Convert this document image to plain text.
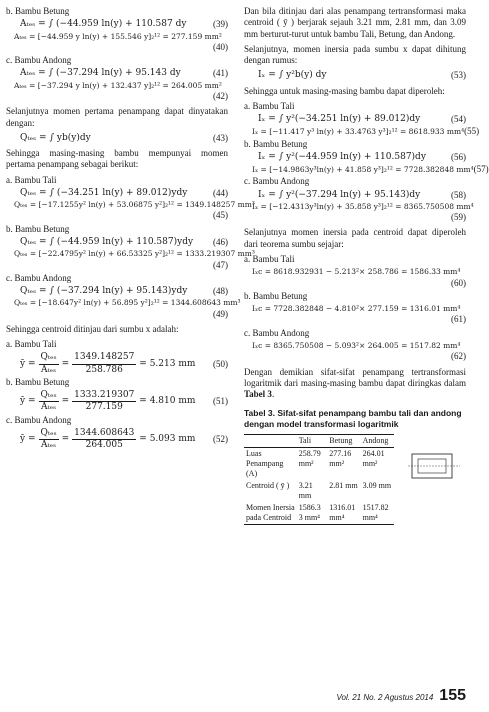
b. Bambu Betung
Aₜₑₛ = ∫ (−44.959 ln(y) + 110.587 dy	(39)
Aₜₑₛ = [−44.959 y ln(y) + 155.546 y]₂¹² = 277.159 mm²
(40)
c. Bambu Andong
Aₜₑₛ = ∫ (−37.294 ln(y) + 95.143 dy	(41)
Aₜₑₛ = [−37.294 y ln(y) + 132.437 y]₂¹² = 264.005 mm²
(42)

Selanjutnya momen pertama penampang dapat dinyatakan dengan:

Qₜₑₛ = ∫ yb(y)dy	(43)

Sehingga masing-masing bambu mempunyai momen pertama penampang sebagai berikut:

a. Bambu Tali
Qₜₑₛ = ∫ (−34.251 ln(y) + 89.012)ydy	(44)
Qₜₑₛ = [−17.1255y² ln(y) + 53.06875 y²]₂¹² = 1349.148257 mm³
(45)
b. Bambu Betung
Qₜₑₛ = ∫ (−44.959 ln(y) + 110.587)ydy	(46)
Qₜₑₛ = [−22.4795y² ln(y) + 66.53325 y²]₂¹² = 1333.219307 mm³
(47)
c. Bambu Andong
Qₜₑₛ = ∫ (−37.294 ln(y) + 95.143)ydy	(48)
Qₜₑₛ = [−18.647y² ln(y) + 56.895 y²]₂¹² = 1344.608643 mm³
(49)

Sehingga centroid ditinjau dari sumbu x adalah:

a. Bambu Tali
ȳ = $\frac{\text{Qₜₑₛ}}{\text{Aₜₑₛ}} = \frac{1349.148257}{258.786} = 5.213$ mm	(50)
b. Bambu Betung
ȳ = $\frac{\text{Qₜₑₛ}}{\text{Aₜₑₛ}} = \frac{1333.219307}{277.159} = 4.810$ mm	(51)
c. Bambu Andong
ȳ = $\frac{\text{Qₜₑₛ}}{\text{Aₜₑₛ}} = \frac{1344.608643}{264.005} = 5.093$ mm	(52)

Dan bila ditinjau dari alas penampang tertransformasi maka centroid ( ȳ ) berjarak sejauh 3.21 mm, 2.81 mm, dan 3.09 mm berturut-turut untuk bambu Tali, Betung, dan Andong.

Selanjutnya, momen inersia pada sumbu x dapat dihitung dengan rumus:

Iₓ = ∫ y²b(y) dy	(53)

Sehingga untuk masing-masing bambu dapat diperoleh:

a. Bambu Tali
Iₓ = ∫ y²(−34.251 ln(y) + 89.012)dy	(54)
Iₓ = [−11.417 y³ ln(y) + 33.4763 y³]₂¹² = 8618.933 mm⁴ (55)
b. Bambu Betung
Iₓ = ∫ y²(−44.959 ln(y) + 110.587)dy	(56)
Iₓ = [−14.9863y³ln(y) + 41.858 y³]₂¹² = 7728.382848 mm⁴ (57)
c. Bambu Andong
Iₓ = ∫ y²(−37.294 ln(y) + 95.143)dy	(58)
Iₓ = [−12.4313y³ln(y) + 35.858 y³]₂¹² = 8365.750508 mm⁴
(59)

Selanjutnya momen inersia pada centroid dapat diperoleh dari teorema sumbu sejajar:

a. Bambu Tali
Iₓc = 8618.932931 − 5.213²× 258.786 = 1586.33 mm⁴
(60)
b. Bambu Betung
Iₓc = 7728.382848 − 4.810²× 277.159 = 1316.01 mm⁴
(61)
c. Bambu Andong
Iₓc = 8365.750508 − 5.093²× 264.005 = 1517.82 mm⁴
(62)

Dengan demikian sifat-sifat penampang tertransformasi logaritmik dari masing-masing bambu dapat diringkas dalam Tabel 3.

Tabel 3. Sifat-sifat penampang bambu tali dan andong dengan model transformasi logaritmik
	Tali	Betung	Andong
Luas Penampang (A)	258.79 mm²	277.16 mm²	264.01 mm²
Centroid ( ȳ )	3.21 mm	2.81 mm	3.09 mm
Momen Inersia pada Centroid	1586.3 3 mm⁴	1316.01 mm⁴	1517.82 mm⁴
Vol. 21 No. 2 Agustus 2014 155
